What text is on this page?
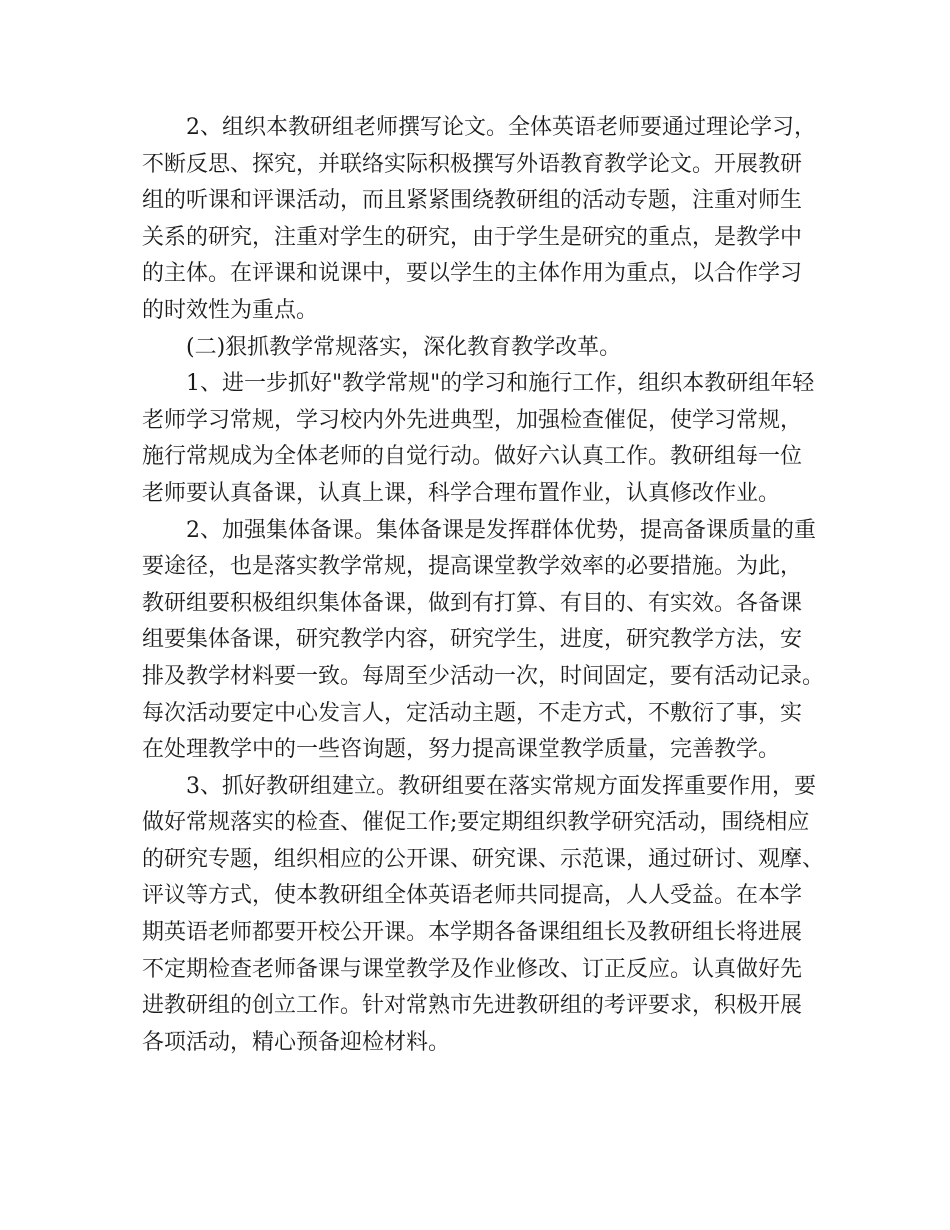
2、组织本教研组老师撰写论文。全体英语老师要通过理论学习，
不断反思、探究，并联络实际积极撰写外语教育教学论文。开展教研
组的听课和评课活动，而且紧紧围绕教研组的活动专题，注重对师生
关系的研究，注重对学生的研究，由于学生是研究的重点，是教学中
的主体。在评课和说课中，要以学生的主体作用为重点，以合作学习
的时效性为重点。
(二)狠抓教学常规落实，深化教育教学改革。
1、进一步抓好"教学常规"的学习和施行工作，组织本教研组年轻
老师学习常规，学习校内外先进典型，加强检查催促，使学习常规，
施行常规成为全体老师的自觉行动。做好六认真工作。教研组每一位
老师要认真备课，认真上课，科学合理布置作业，认真修改作业。
2、加强集体备课。集体备课是发挥群体优势，提高备课质量的重
要途径，也是落实教学常规，提高课堂教学效率的必要措施。为此，
教研组要积极组织集体备课，做到有打算、有目的、有实效。各备课
组要集体备课，研究教学内容，研究学生，进度，研究教学方法，安
排及教学材料要一致。每周至少活动一次，时间固定，要有活动记录。
每次活动要定中心发言人，定活动主题，不走方式，不敷衍了事，实
在处理教学中的一些咨询题，努力提高课堂教学质量，完善教学。
3、抓好教研组建立。教研组要在落实常规方面发挥重要作用，要
做好常规落实的检查、催促工作;要定期组织教学研究活动，围绕相应
的研究专题，组织相应的公开课、研究课、示范课，通过研讨、观摩、
评议等方式，使本教研组全体英语老师共同提高，人人受益。在本学
期英语老师都要开校公开课。本学期各备课组组长及教研组长将进展
不定期检查老师备课与课堂教学及作业修改、订正反应。认真做好先
进教研组的创立工作。针对常熟市先进教研组的考评要求，积极开展
各项活动，精心预备迎检材料。
